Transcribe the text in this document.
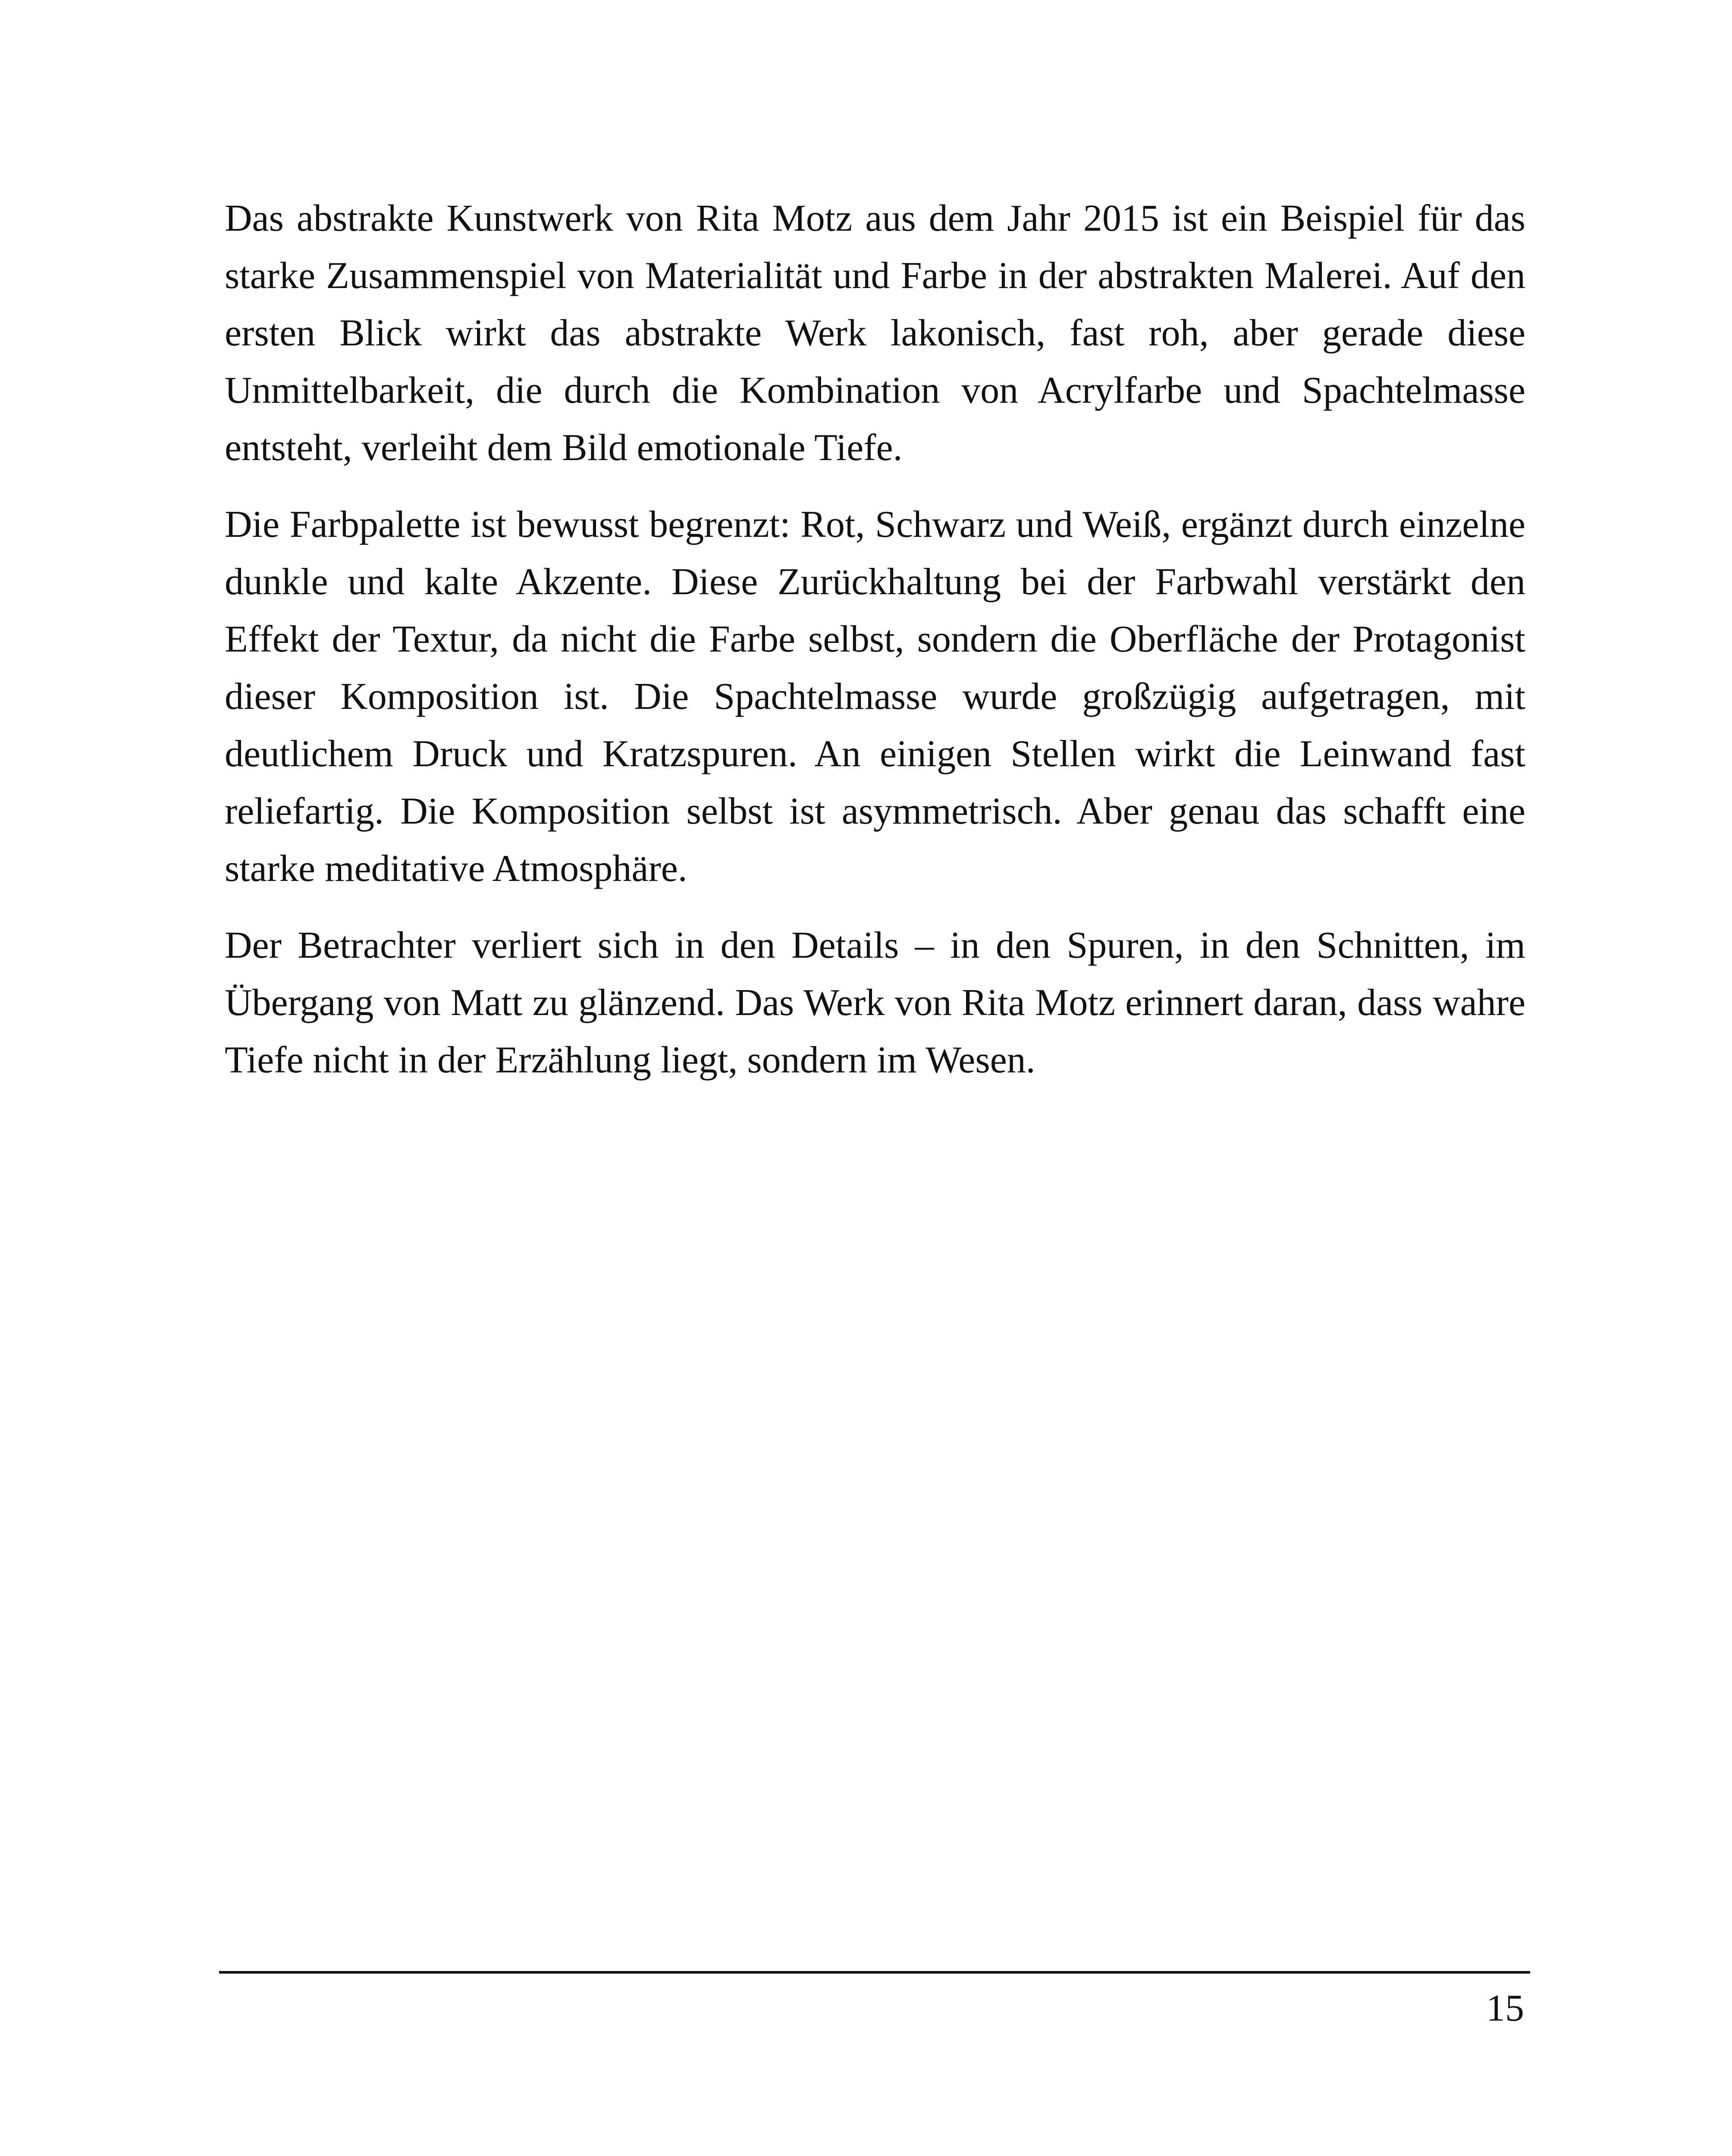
Das abstrakte Kunstwerk von Rita Motz aus dem Jahr 2015 ist ein Beispiel für das starke Zusammenspiel von Materialität und Farbe in der abstrakten Malerei. Auf den ersten Blick wirkt das abstrakte Werk lakonisch, fast roh, aber gerade diese Unmittelbarkeit, die durch die Kombination von Acrylfarbe und Spachtelmasse entsteht, verleiht dem Bild emotionale Tiefe.

Die Farbpalette ist bewusst begrenzt: Rot, Schwarz und Weiß, ergänzt durch einzelne dunkle und kalte Akzente. Diese Zurückhaltung bei der Farbwahl verstärkt den Effekt der Textur, da nicht die Farbe selbst, sondern die Oberfläche der Protagonist dieser Komposition ist. Die Spachtelmasse wurde großzügig aufgetragen, mit deutlichem Druck und Kratzspuren. An einigen Stellen wirkt die Leinwand fast reliefartig. Die Komposition selbst ist asymmetrisch. Aber genau das schafft eine starke meditative Atmosphäre.

Der Betrachter verliert sich in den Details – in den Spuren, in den Schnitten, im Übergang von Matt zu glänzend. Das Werk von Rita Motz erinnert daran, dass wahre Tiefe nicht in der Erzählung liegt, sondern im Wesen.

15
